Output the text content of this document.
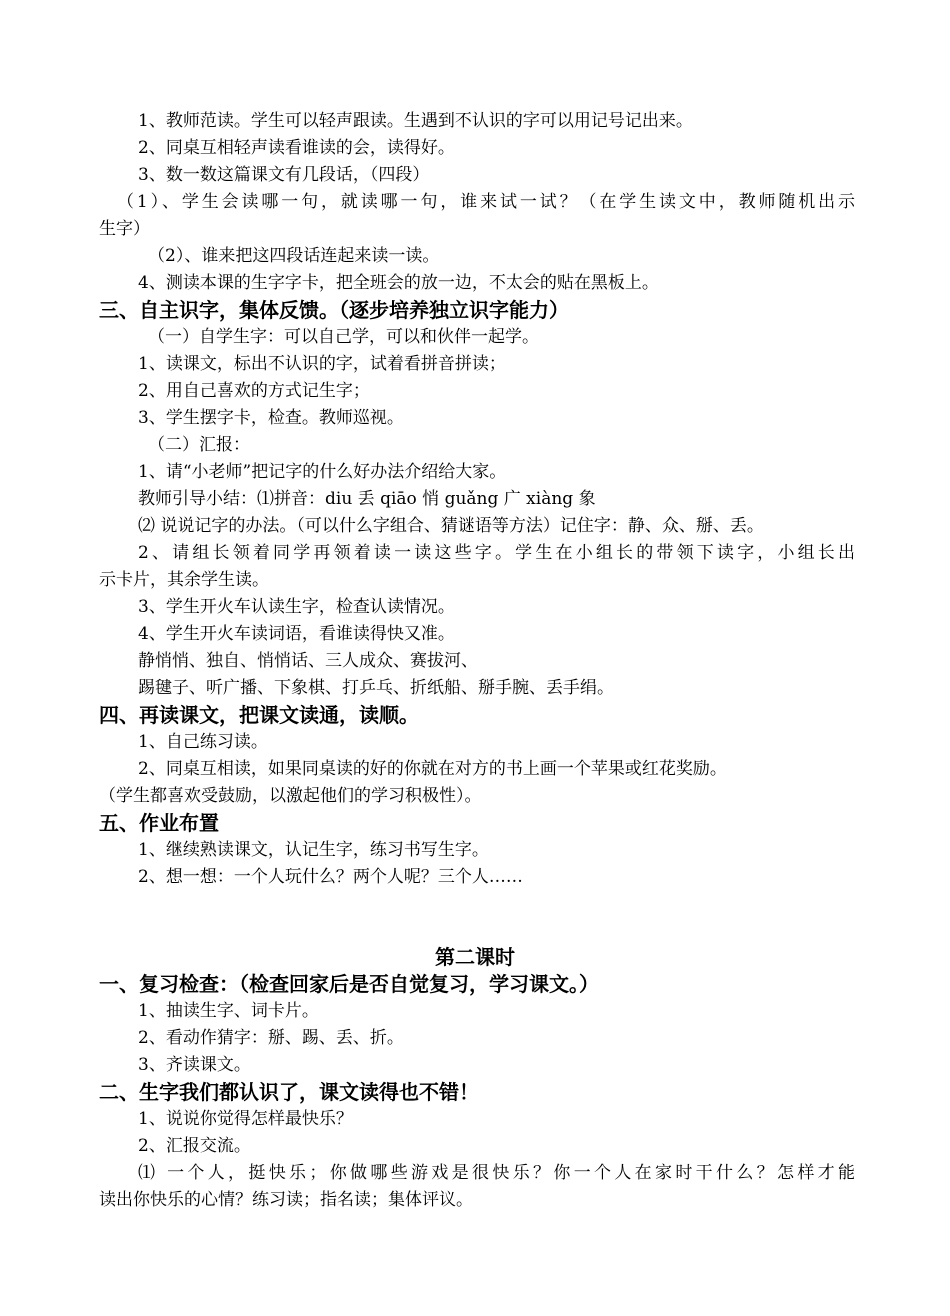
1、教师范读。学生可以轻声跟读。生遇到不认识的字可以用记号记出来。
2、同桌互相轻声读看谁读的会，读得好。
3、数一数这篇课文有几段话，（四段）
（1）、学生会读哪一句，就读哪一句，谁来试一试？（在学生读文中，教师随机出示
生字）
（2）、谁来把这四段话连起来读一读。
4、测读本课的生字字卡，把全班会的放一边，不太会的贴在黑板上。
三、自主识字，集体反馈。（逐步培养独立识字能力）
（一）自学生字：可以自己学，可以和伙伴一起学。
1、读课文，标出不认识的字，试着看拼音拼读；
2、用自己喜欢的方式记生字；
3、学生摆字卡，检查。教师巡视。
（二）汇报：
1、请“小老师”把记字的什么好办法介绍给大家。
教师引导小结：⑴拼音：diu 丢 qiāo 悄 guǎng 广 xiàng 象
⑵ 说说记字的办法。（可以什么字组合、猜谜语等方法）记住字：静、众、掰、丢。
2、请组长领着同学再领着读一读这些字。学生在小组长的带领下读字，小组长出
示卡片，其余学生读。
3、学生开火车认读生字，检查认读情况。
4、学生开火车读词语，看谁读得快又准。
静悄悄、独自、悄悄话、三人成众、赛拔河、
踢毽子、听广播、下象棋、打乒乓、折纸船、掰手腕、丢手绢。
四、再读课文，把课文读通，读顺。
1、自己练习读。
2、同桌互相读，如果同桌读的好的你就在对方的书上画一个苹果或红花奖励。
（学生都喜欢受鼓励，以激起他们的学习积极性）。
五、作业布置
1、继续熟读课文，认记生字，练习书写生字。
2、想一想：一个人玩什么？两个人呢？三个人……
第二课时
一、复习检查：（检查回家后是否自觉复习，学习课文。）
1、抽读生字、词卡片。
2、看动作猜字：掰、踢、丢、折。
3、齐读课文。
二、生字我们都认识了，课文读得也不错！
1、说说你觉得怎样最快乐？
2、汇报交流。
⑴ 一个人，挺快乐；你做哪些游戏是很快乐？你一个人在家时干什么？怎样才能
读出你快乐的心情？练习读；指名读；集体评议。
